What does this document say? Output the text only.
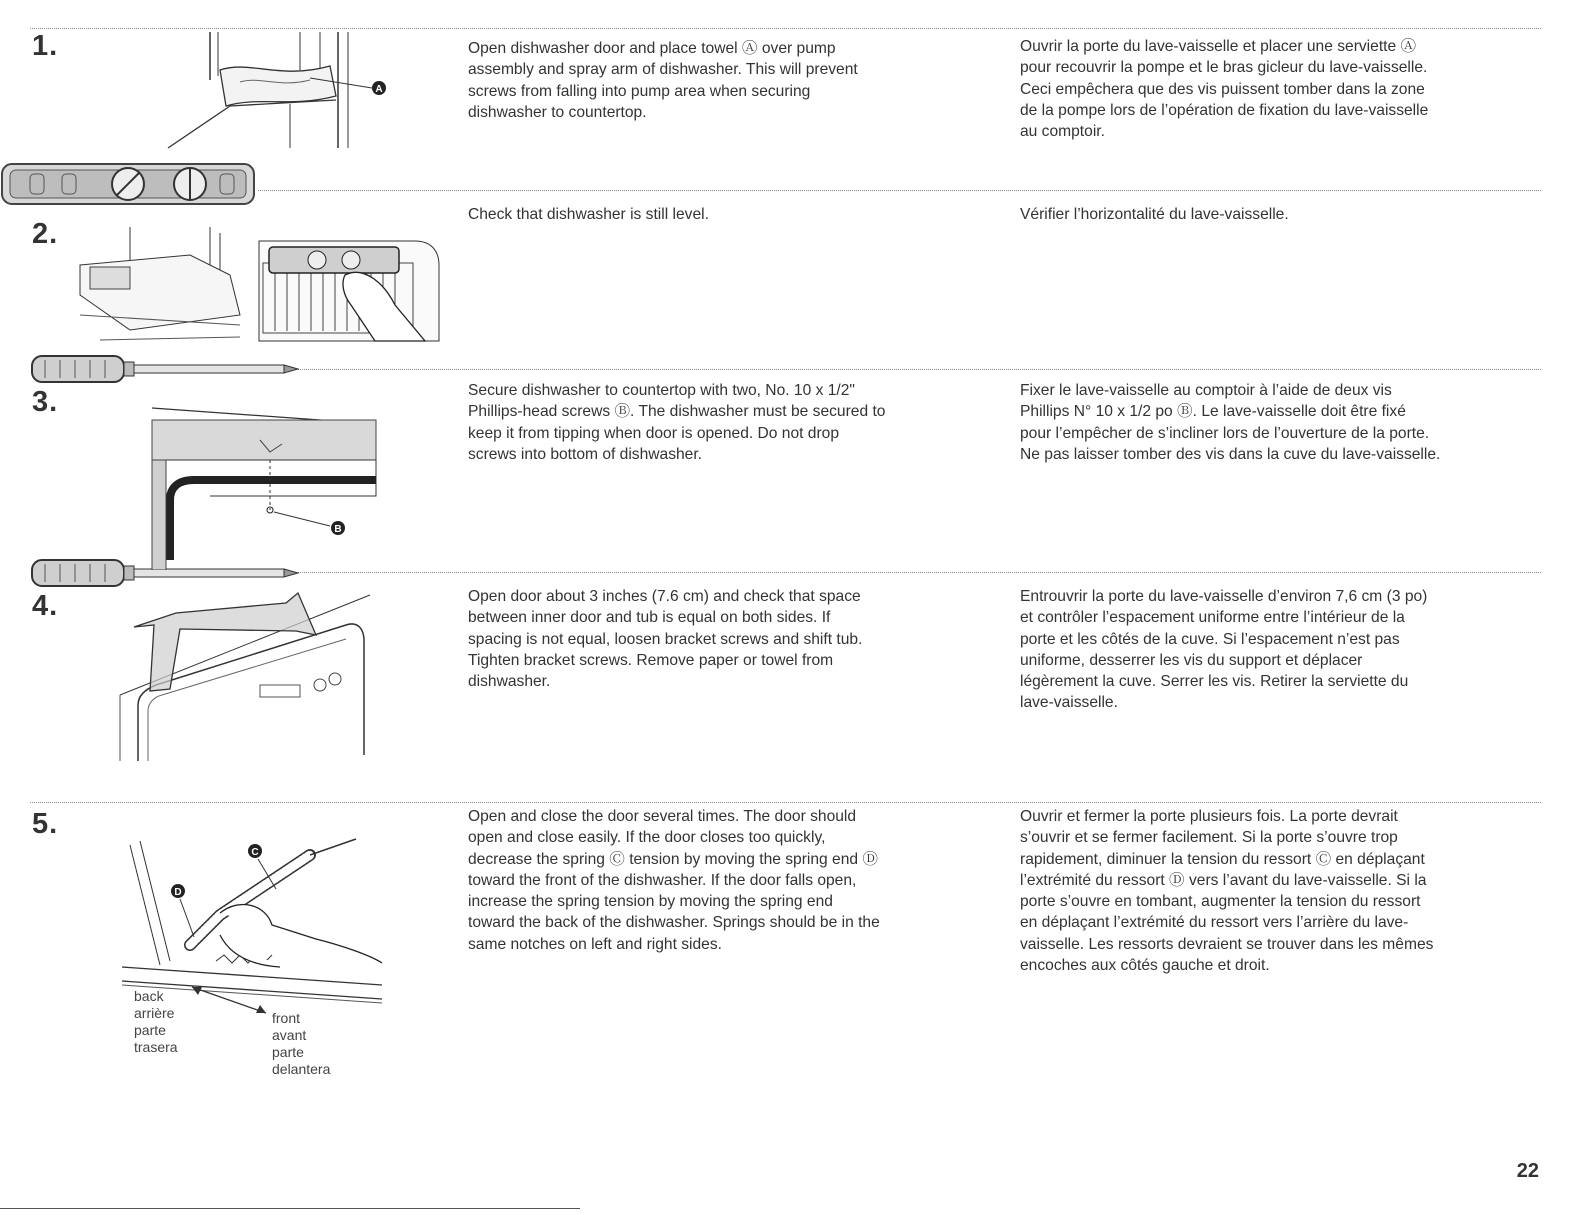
1.
2.
3.
4.
5.
A
B
D
C
back
arrière
parte
trasera
front
avant
parte
delantera

Open dishwasher door and place towel Ⓐ over pump
assembly and spray arm of dishwasher. This will prevent
screws from falling into pump area when securing
dishwasher to countertop.

Ouvrir la porte du lave-vaisselle et placer une serviette Ⓐ
pour recouvrir la pompe et le bras gicleur du lave-vaisselle.
Ceci empêchera que des vis puissent tomber dans la zone
de la pompe lors de l’opération de fixation du lave-vaisselle
au comptoir.

Check that dishwasher is still level.	Vérifier l’horizontalité du lave-vaisselle.

Secure dishwasher to countertop with two, No. 10 x 1/2"
Phillips-head screws Ⓑ. The dishwasher must be secured to
keep it from tipping when door is opened. Do not drop
screws into bottom of dishwasher.

Fixer le lave-vaisselle au comptoir à l’aide de deux vis
Phillips N° 10 x 1/2 po Ⓑ. Le lave-vaisselle doit être fixé
pour l’empêcher de s’incliner lors de l’ouverture de la porte.
Ne pas laisser tomber des vis dans la cuve du lave-vaisselle.

Open door about 3 inches (7.6 cm) and check that space
between inner door and tub is equal on both sides. If
spacing is not equal, loosen bracket screws and shift tub.
Tighten bracket screws. Remove paper or towel from
dishwasher.

Entrouvrir la porte du lave-vaisselle d’environ 7,6 cm (3 po)
et contrôler l’espacement uniforme entre l’intérieur de la
porte et les côtés de la cuve. Si l’espacement n’est pas
uniforme, desserrer les vis du support et déplacer
légèrement la cuve. Serrer les vis. Retirer la serviette du
lave-vaisselle.

Open and close the door several times. The door should
open and close easily. If the door closes too quickly,
decrease the spring Ⓒ tension by moving the spring end Ⓓ
toward the front of the dishwasher. If the door falls open,
increase the spring tension by moving the spring end
toward the back of the dishwasher. Springs should be in the
same notches on left and right sides.

Ouvrir et fermer la porte plusieurs fois. La porte devrait
s’ouvrir et se fermer facilement. Si la porte s’ouvre trop
rapidement, diminuer la tension du ressort Ⓒ en déplaçant
l’extrémité du ressort Ⓓ vers l’avant du lave-vaisselle. Si la
porte s’ouvre en tombant, augmenter la tension du ressort
en déplaçant l’extrémité du ressort vers l’arrière du lave-
vaisselle. Les ressorts devraient se trouver dans les mêmes
encoches aux côtés gauche et droit.

22
